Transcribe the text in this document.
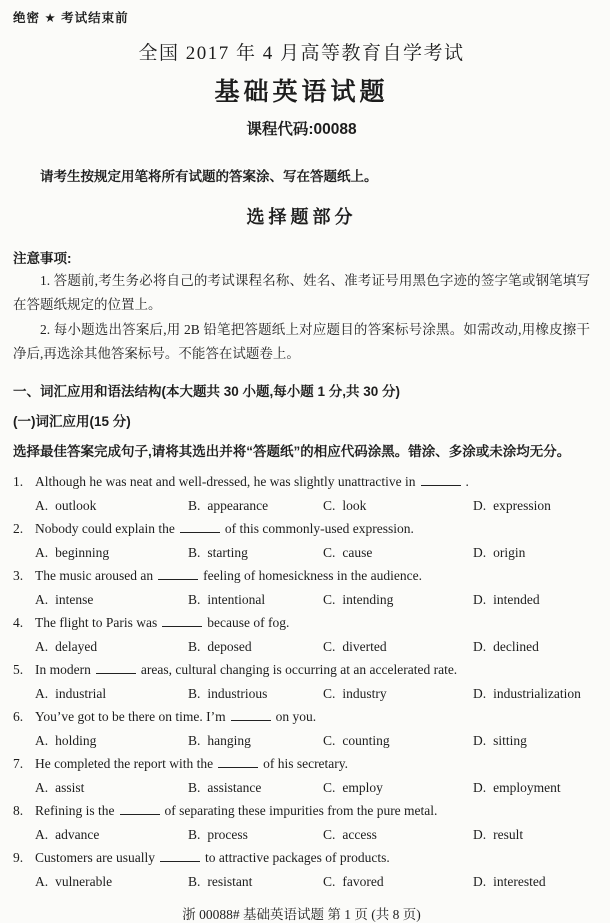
绝密 ★ 考试结束前
全国 2017 年 4 月高等教育自学考试
基础英语试题
课程代码:00088
请考生按规定用笔将所有试题的答案涂、写在答题纸上。
选择题部分
注意事项:
1. 答题前,考生务必将自己的考试课程名称、姓名、准考证号用黑色字迹的签字笔或钢笔填写在答题纸规定的位置上。
2. 每小题选出答案后,用 2B 铅笔把答题纸上对应题目的答案标号涂黑。如需改动,用橡皮擦干净后,再选涂其他答案标号。不能答在试题卷上。
一、词汇应用和语法结构(本大题共 30 小题,每小题 1 分,共 30 分)
(一)词汇应用(15 分)
选择最佳答案完成句子,请将其选出并将“答题纸”的相应代码涂黑。错涂、多涂或未涂均无分。
1. Although he was neat and well-dressed, he was slightly unattractive in	.
A. outlook	B. appearance	C. look	D. expression
2. Nobody could explain the	of this commonly-used expression.
A. beginning	B. starting	C. cause	D. origin
3. The music aroused an	feeling of homesickness in the audience.
A. intense	B. intentional	C. intending	D. intended
4. The flight to Paris was	because of fog.
A. delayed	B. deposed	C. diverted	D. declined
5. In modern	areas, cultural changing is occurring at an accelerated rate.
A. industrial	B. industrious	C. industry	D. industrialization
6. You’ve got to be there on time. I’m	on you.
A. holding	B. hanging	C. counting	D. sitting
7. He completed the report with the	of his secretary.
A. assist	B. assistance	C. employ	D. employment
8. Refining is the	of separating these impurities from the pure metal.
A. advance	B. process	C. access	D. result
9. Customers are usually	to attractive packages of products.
A. vulnerable	B. resistant	C. favored	D. interested
浙 00088# 基础英语试题 第 1 页 (共 8 页)
